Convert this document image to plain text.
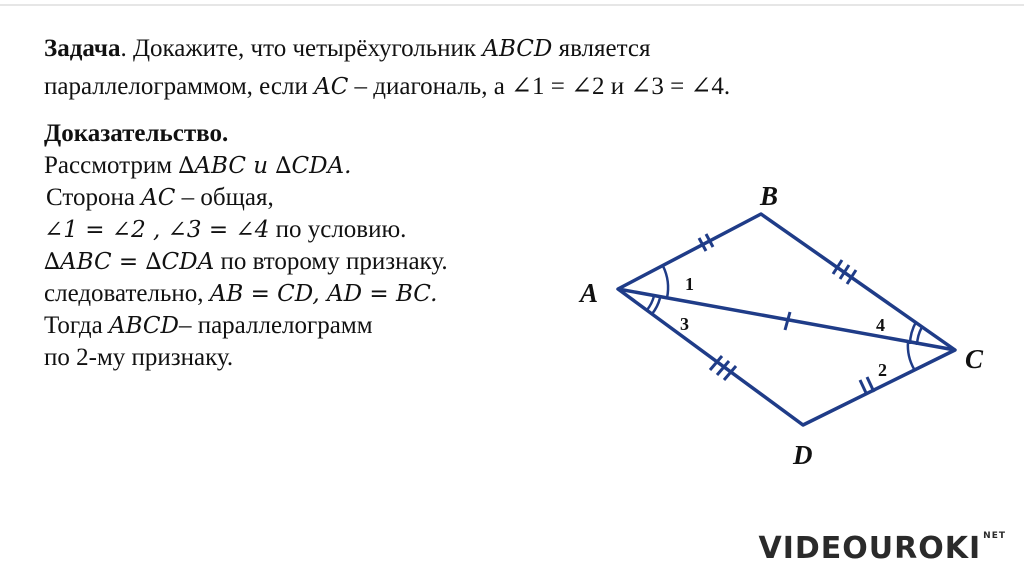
Задача. Докажите, что четырёхугольник ABCD является
параллелограммом, если AC – диагональ, а ∠1 = ∠2 и ∠3 = ∠4.
Доказательство.
Рассмотрим ∆ABC и ∆CDA.
Сторона AC – общая,
∠1 = ∠2 , ∠3 = ∠4 по условию.
∆ABC = ∆CDA по второму признаку.
следовательно, AB = CD, AD = BC.
Тогда ABCD– параллелограмм
по 2-му признаку.
A
B
C
D
1
2
3	4
VIDEOUROKI $^{NET}$
